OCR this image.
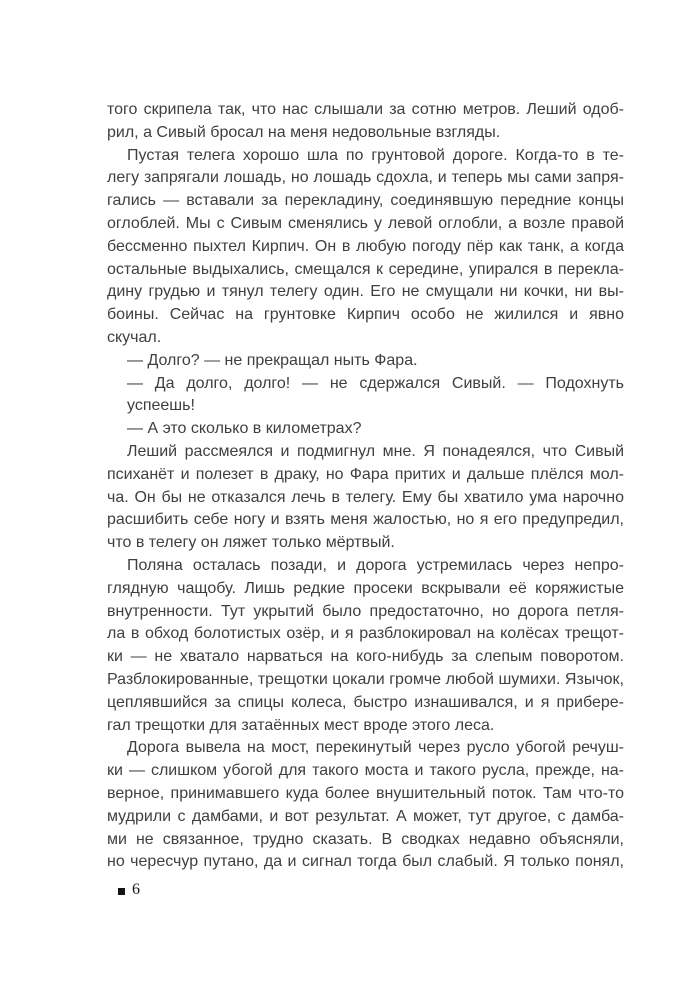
того скрипела так, что нас слышали за сотню метров. Леший одоб-
рил, а Сивый бросал на меня недовольные взгляды.

Пустая телега хорошо шла по грунтовой дороге. Когда-то в те-
легу запрягали лошадь, но лошадь сдохла, и теперь мы сами запря-
гались — вставали за перекладину, соединявшую передние концы
оглоблей. Мы с Сивым сменялись у левой оглобли, а возле правой
бессменно пыхтел Кирпич. Он в любую погоду пёр как танк, а когда
остальные выдыхались, смещался к середине, упирался в перекла-
дину грудью и тянул телегу один. Его не смущали ни кочки, ни вы-
боины. Сейчас на грунтовке Кирпич особо не жилился и явно скучал.

— Долго? — не прекращал ныть Фара.

— Да долго, долго! — не сдержался Сивый. — Подохнуть успеешь!

— А это сколько в километрах?

Леший рассмеялся и подмигнул мне. Я понадеялся, что Сивый
психанёт и полезет в драку, но Фара притих и дальше плёлся мол-
ча. Он бы не отказался лечь в телегу. Ему бы хватило ума нарочно
расшибить себе ногу и взять меня жалостью, но я его предупредил,
что в телегу он ляжет только мёртвый.

Поляна осталась позади, и дорога устремилась через непро-
глядную чащобу. Лишь редкие просеки вскрывали её коряжистые
внутренности. Тут укрытий было предостаточно, но дорога петля-
ла в обход болотистых озёр, и я разблокировал на колёсах трещот-
ки — не хватало нарваться на кого-нибудь за слепым поворотом.
Разблокированные, трещотки цокали громче любой шумихи. Язычок,
цеплявшийся за спицы колеса, быстро изнашивался, и я прибере-
гал трещотки для затаённых мест вроде этого леса.

Дорога вывела на мост, перекинутый через русло убогой речуш-
ки — слишком убогой для такого моста и такого русла, прежде, на-
верное, принимавшего куда более внушительный поток. Там что-то
мудрили с дамбами, и вот результат. А может, тут другое, с дамба-
ми не связанное, трудно сказать. В сводках недавно объясняли,
но чересчур путано, да и сигнал тогда был слабый. Я только понял,

6
